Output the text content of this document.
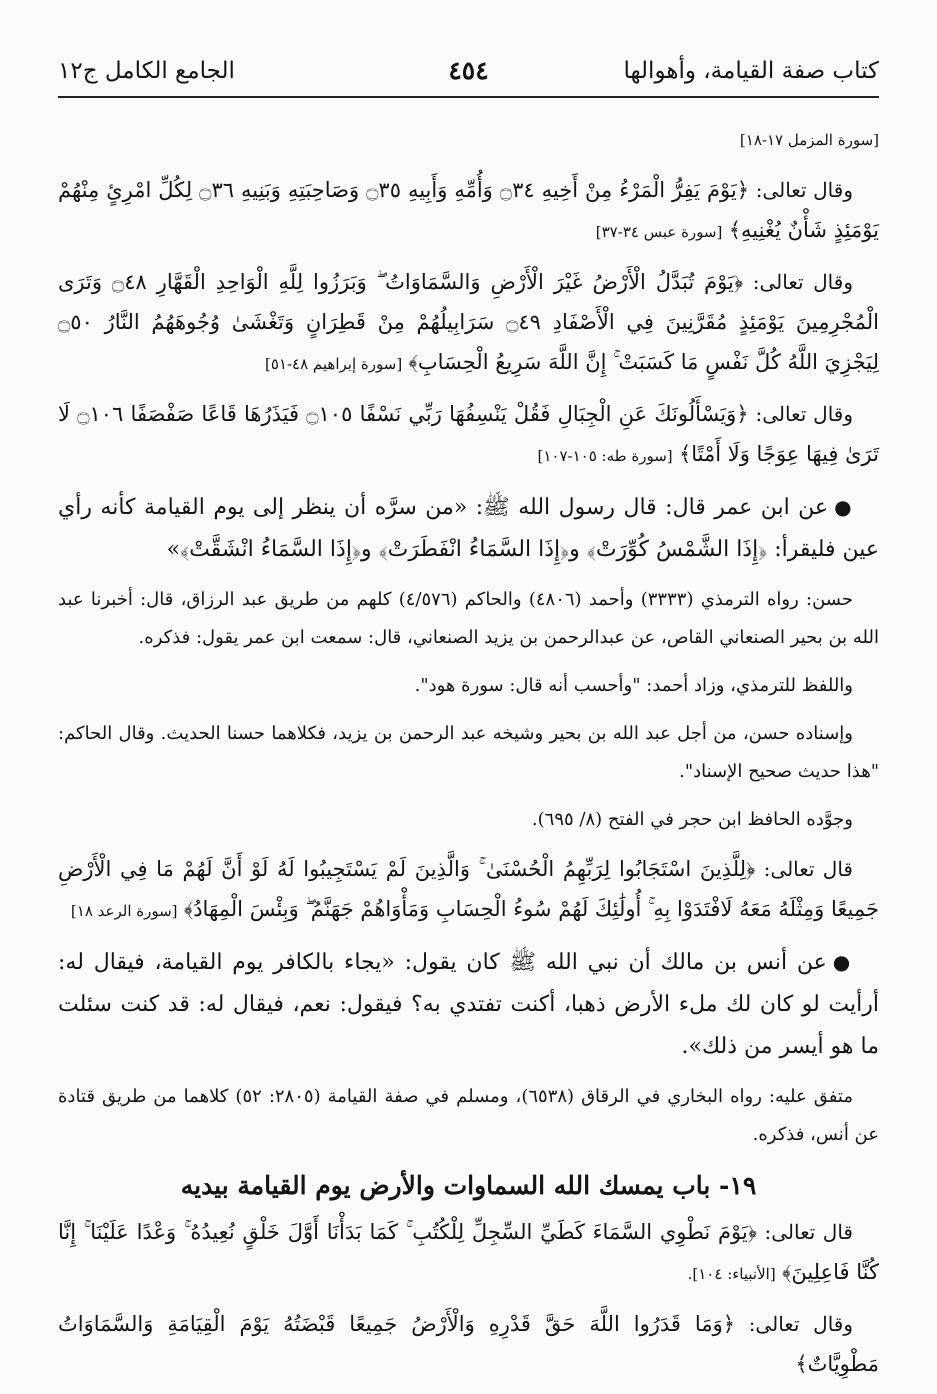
كتاب صفة القيامة، وأهوالها
٤٥٤
الجامع الكامل ج١٢

[سورة المزمل ١٧-١٨]

وقال تعالى: ﴿يَوْمَ يَفِرُّ الْمَرْءُ مِنْ أَخِيهِ ۝٣٤ وَأُمِّهِ وَأَبِيهِ ۝٣٥ وَصَاحِبَتِهِ وَبَنِيهِ ۝٣٦ لِكُلِّ امْرِئٍ مِنْهُمْ يَوْمَئِذٍ شَأْنٌ يُغْنِيهِ﴾ [سورة عبس ٣٤-٣٧]

وقال تعالى: ﴿يَوْمَ تُبَدَّلُ الْأَرْضُ غَيْرَ الْأَرْضِ وَالسَّمَاوَاتُ ۖ وَبَرَزُوا لِلَّهِ الْوَاحِدِ الْقَهَّارِ ۝٤٨ وَتَرَى الْمُجْرِمِينَ يَوْمَئِذٍ مُقَرَّنِينَ فِي الْأَصْفَادِ ۝٤٩ سَرَابِيلُهُمْ مِنْ قَطِرَانٍ وَتَغْشَىٰ وُجُوهَهُمُ النَّارُ ۝٥٠ لِيَجْزِيَ اللَّهُ كُلَّ نَفْسٍ مَا كَسَبَتْ ۚ إِنَّ اللَّهَ سَرِيعُ الْحِسَابِ﴾ [سورة إبراهيم ٤٨-٥١]

وقال تعالى: ﴿وَيَسْأَلُونَكَ عَنِ الْجِبَالِ فَقُلْ يَنْسِفُهَا رَبِّي نَسْفًا ۝١٠٥ فَيَذَرُهَا قَاعًا صَفْصَفًا ۝١٠٦ لَا تَرَىٰ فِيهَا عِوَجًا وَلَا أَمْتًا﴾ [سورة طه: ١٠٥-١٠٧]

●عن ابن عمر قال: قال رسول الله ﷺ: «من سرَّه أن ينظر إلى يوم القيامة كأنه رأي عين فليقرأ: ﴿إِذَا الشَّمْسُ كُوِّرَتْ﴾ و﴿إِذَا السَّمَاءُ انْفَطَرَتْ﴾ و﴿إِذَا السَّمَاءُ انْشَقَّتْ﴾»

حسن: رواه الترمذي (٣٣٣٣) وأحمد (٤٨٠٦) والحاكم (٤/٥٧٦) كلهم من طريق عبد الرزاق، قال: أخبرنا عبد الله بن بحير الصنعاني القاص، عن عبدالرحمن بن يزيد الصنعاني، قال: سمعت ابن عمر يقول: فذكره.

واللفظ للترمذي، وزاد أحمد: "وأحسب أنه قال: سورة هود".

وإسناده حسن، من أجل عبد الله بن بحير وشيخه عبد الرحمن بن يزيد، فكلاهما حسنا الحديث. وقال الحاكم: "هذا حديث صحيح الإسناد".

وجوَّده الحافظ ابن حجر في الفتح (٨/ ٦٩٥).

قال تعالى: ﴿لِلَّذِينَ اسْتَجَابُوا لِرَبِّهِمُ الْحُسْنَىٰ ۚ وَالَّذِينَ لَمْ يَسْتَجِيبُوا لَهُ لَوْ أَنَّ لَهُمْ مَا فِي الْأَرْضِ جَمِيعًا وَمِثْلَهُ مَعَهُ لَافْتَدَوْا بِهِ ۚ أُولَٰئِكَ لَهُمْ سُوءُ الْحِسَابِ وَمَأْوَاهُمْ جَهَنَّمُ ۖ وَبِئْسَ الْمِهَادُ﴾ [سورة الرعد ١٨]

●عن أنس بن مالك أن نبي الله ﷺ كان يقول: «يجاء بالكافر يوم القيامة، فيقال له: أرأيت لو كان لك ملء الأرض ذهبا، أكنت تفتدي به؟ فيقول: نعم، فيقال له: قد كنت سئلت ما هو أيسر من ذلك».

متفق عليه: رواه البخاري في الرقاق (٦٥٣٨)، ومسلم في صفة القيامة (٢٨٠٥: ٥٢) كلاهما من طريق قتادة عن أنس، فذكره.

١٩- باب يمسك الله السماوات والأرض يوم القيامة بيديه

قال تعالى: ﴿يَوْمَ نَطْوِي السَّمَاءَ كَطَيِّ السِّجِلِّ لِلْكُتُبِ ۚ كَمَا بَدَأْنَا أَوَّلَ خَلْقٍ نُعِيدُهُ ۚ وَعْدًا عَلَيْنَا ۚ إِنَّا كُنَّا فَاعِلِينَ﴾ [الأنبياء: ١٠٤].

وقال تعالى: ﴿وَمَا قَدَرُوا اللَّهَ حَقَّ قَدْرِهِ وَالْأَرْضُ جَمِيعًا قَبْضَتُهُ يَوْمَ الْقِيَامَةِ وَالسَّمَاوَاتُ مَطْوِيَّاتٌ﴾
